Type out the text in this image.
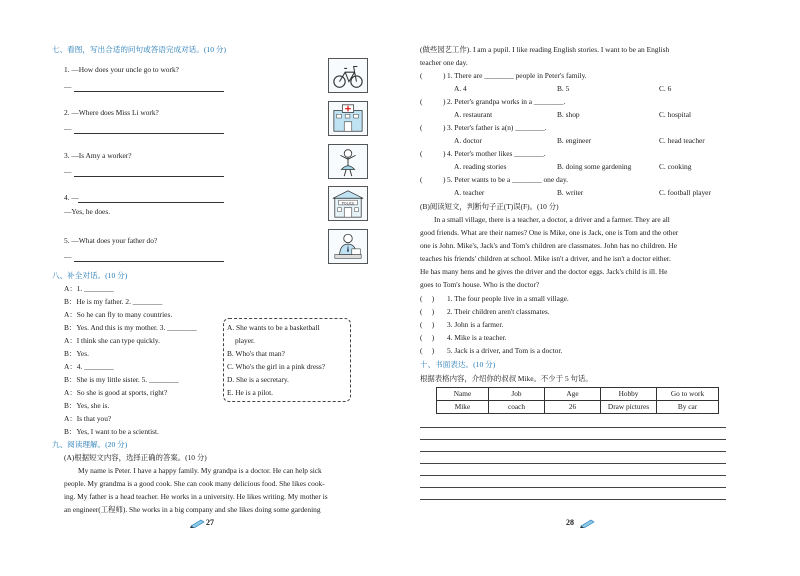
七、看图，写出合适的问句或答语完成对话。(10 分)
1. —How does your uncle go to work?
—
2. —Where does Miss Li work?
—
3. —Is Amy a worker?
—
4. —
—Yes, he does.
POLICE
5. —What does your father do?
—
八、补全对话。(10 分)
A：1. ________
B：He is my father. 2. ________
A：So he can fly to many countries.
B：Yes. And this is my mother. 3. ________
A：I think she can type quickly.
B：Yes.
A：4. ________
B：She is my little sister. 5. ________
A：So she is good at sports, right?
B：Yes, she is.
A：Is that you?
B：Yes, I want to be a scientist.
A. She wants to be a basketball
player.
B. Who's that man?
C. Who's the girl in a pink dress?
D. She is a secretary.
E. He is a pilot.
九、阅读理解。(20 分)
(A)根据短文内容，选择正确的答案。(10 分)
My name is Peter. I have a happy family. My grandpa is a doctor. He can help sick
people. My grandma is a good cook. She can cook many delicious food. She likes cook-
ing. My father is a head teacher. He works in a university. He likes writing. My mother is
an engineer(工程师). She works in a big company and she likes doing some gardening
27
(做些园艺工作). I am a pupil. I like reading English stories. I want to be an English
teacher one day.
(	) 1. There are ________ people in Peter's family.
A. 4	B. 5	C. 6
(	) 2. Peter's grandpa works in a ________.
A. restaurant	B. shop	C. hospital
(	) 3. Peter's father is a(n) ________.
A. doctor	B. engineer	C. head teacher
(	) 4. Peter's mother likes ________.
A. reading stories	B. doing some gardening	C. cooking
(	) 5. Peter wants to be a ________ one day.
A. teacher	B. writer	C. football player
(B)阅读短文，判断句子正(T)误(F)。(10 分)
In a small village, there is a teacher, a doctor, a driver and a farmer. They are all
good friends. What are their names? One is Mike, one is Jack, one is Tom and the other
one is John. Mike's, Jack's and Tom's children are classmates. John has no children. He
teaches his friends' children at school. Mike isn't a driver, and he isn't a doctor either.
He has many hens and he gives the driver and the doctor eggs. Jack's child is ill. He
goes to Tom's house. Who is the doctor?
(     ) 1. The four people live in a small village.
(     ) 2. Their children aren't classmates.
(     ) 3. John is a farmer.
(     ) 4. Mike is a teacher.
(     ) 5. Jack is a driver, and Tom is a doctor.
十、书面表达。(10 分)
根据表格内容，介绍你的叔叔 Mike。不少于 5 句话。
Name	Job	Age	Hobby	Go to work
Mike	coach	26	Draw pictures	By car
28
